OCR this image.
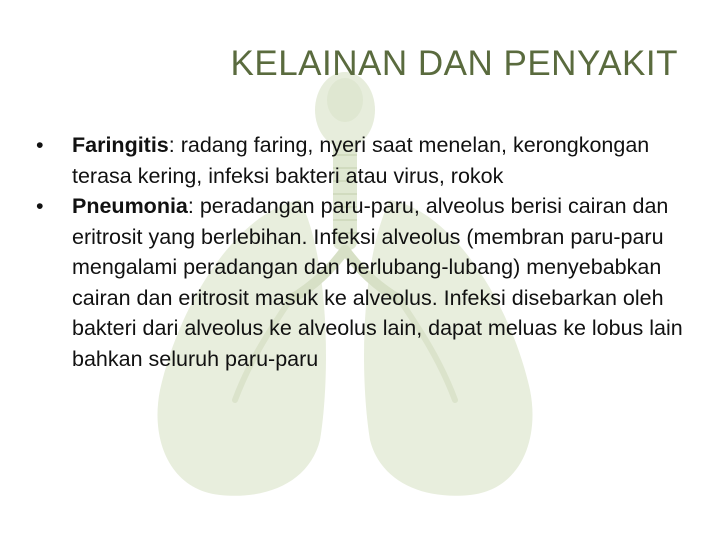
KELAINAN DAN PENYAKIT

•	Faringitis: radang faring, nyeri saat menelan, kerongkongan terasa kering, infeksi bakteri atau virus, rokok

•	Pneumonia: peradangan paru-paru, alveolus berisi cairan dan eritrosit yang berlebihan. Infeksi alveolus (membran paru-paru mengalami peradangan dan berlubang-lubang) menyebabkan cairan dan eritrosit masuk ke alveolus. Infeksi disebarkan oleh bakteri dari alveolus ke alveolus lain, dapat meluas ke lobus lain bahkan seluruh paru-paru
